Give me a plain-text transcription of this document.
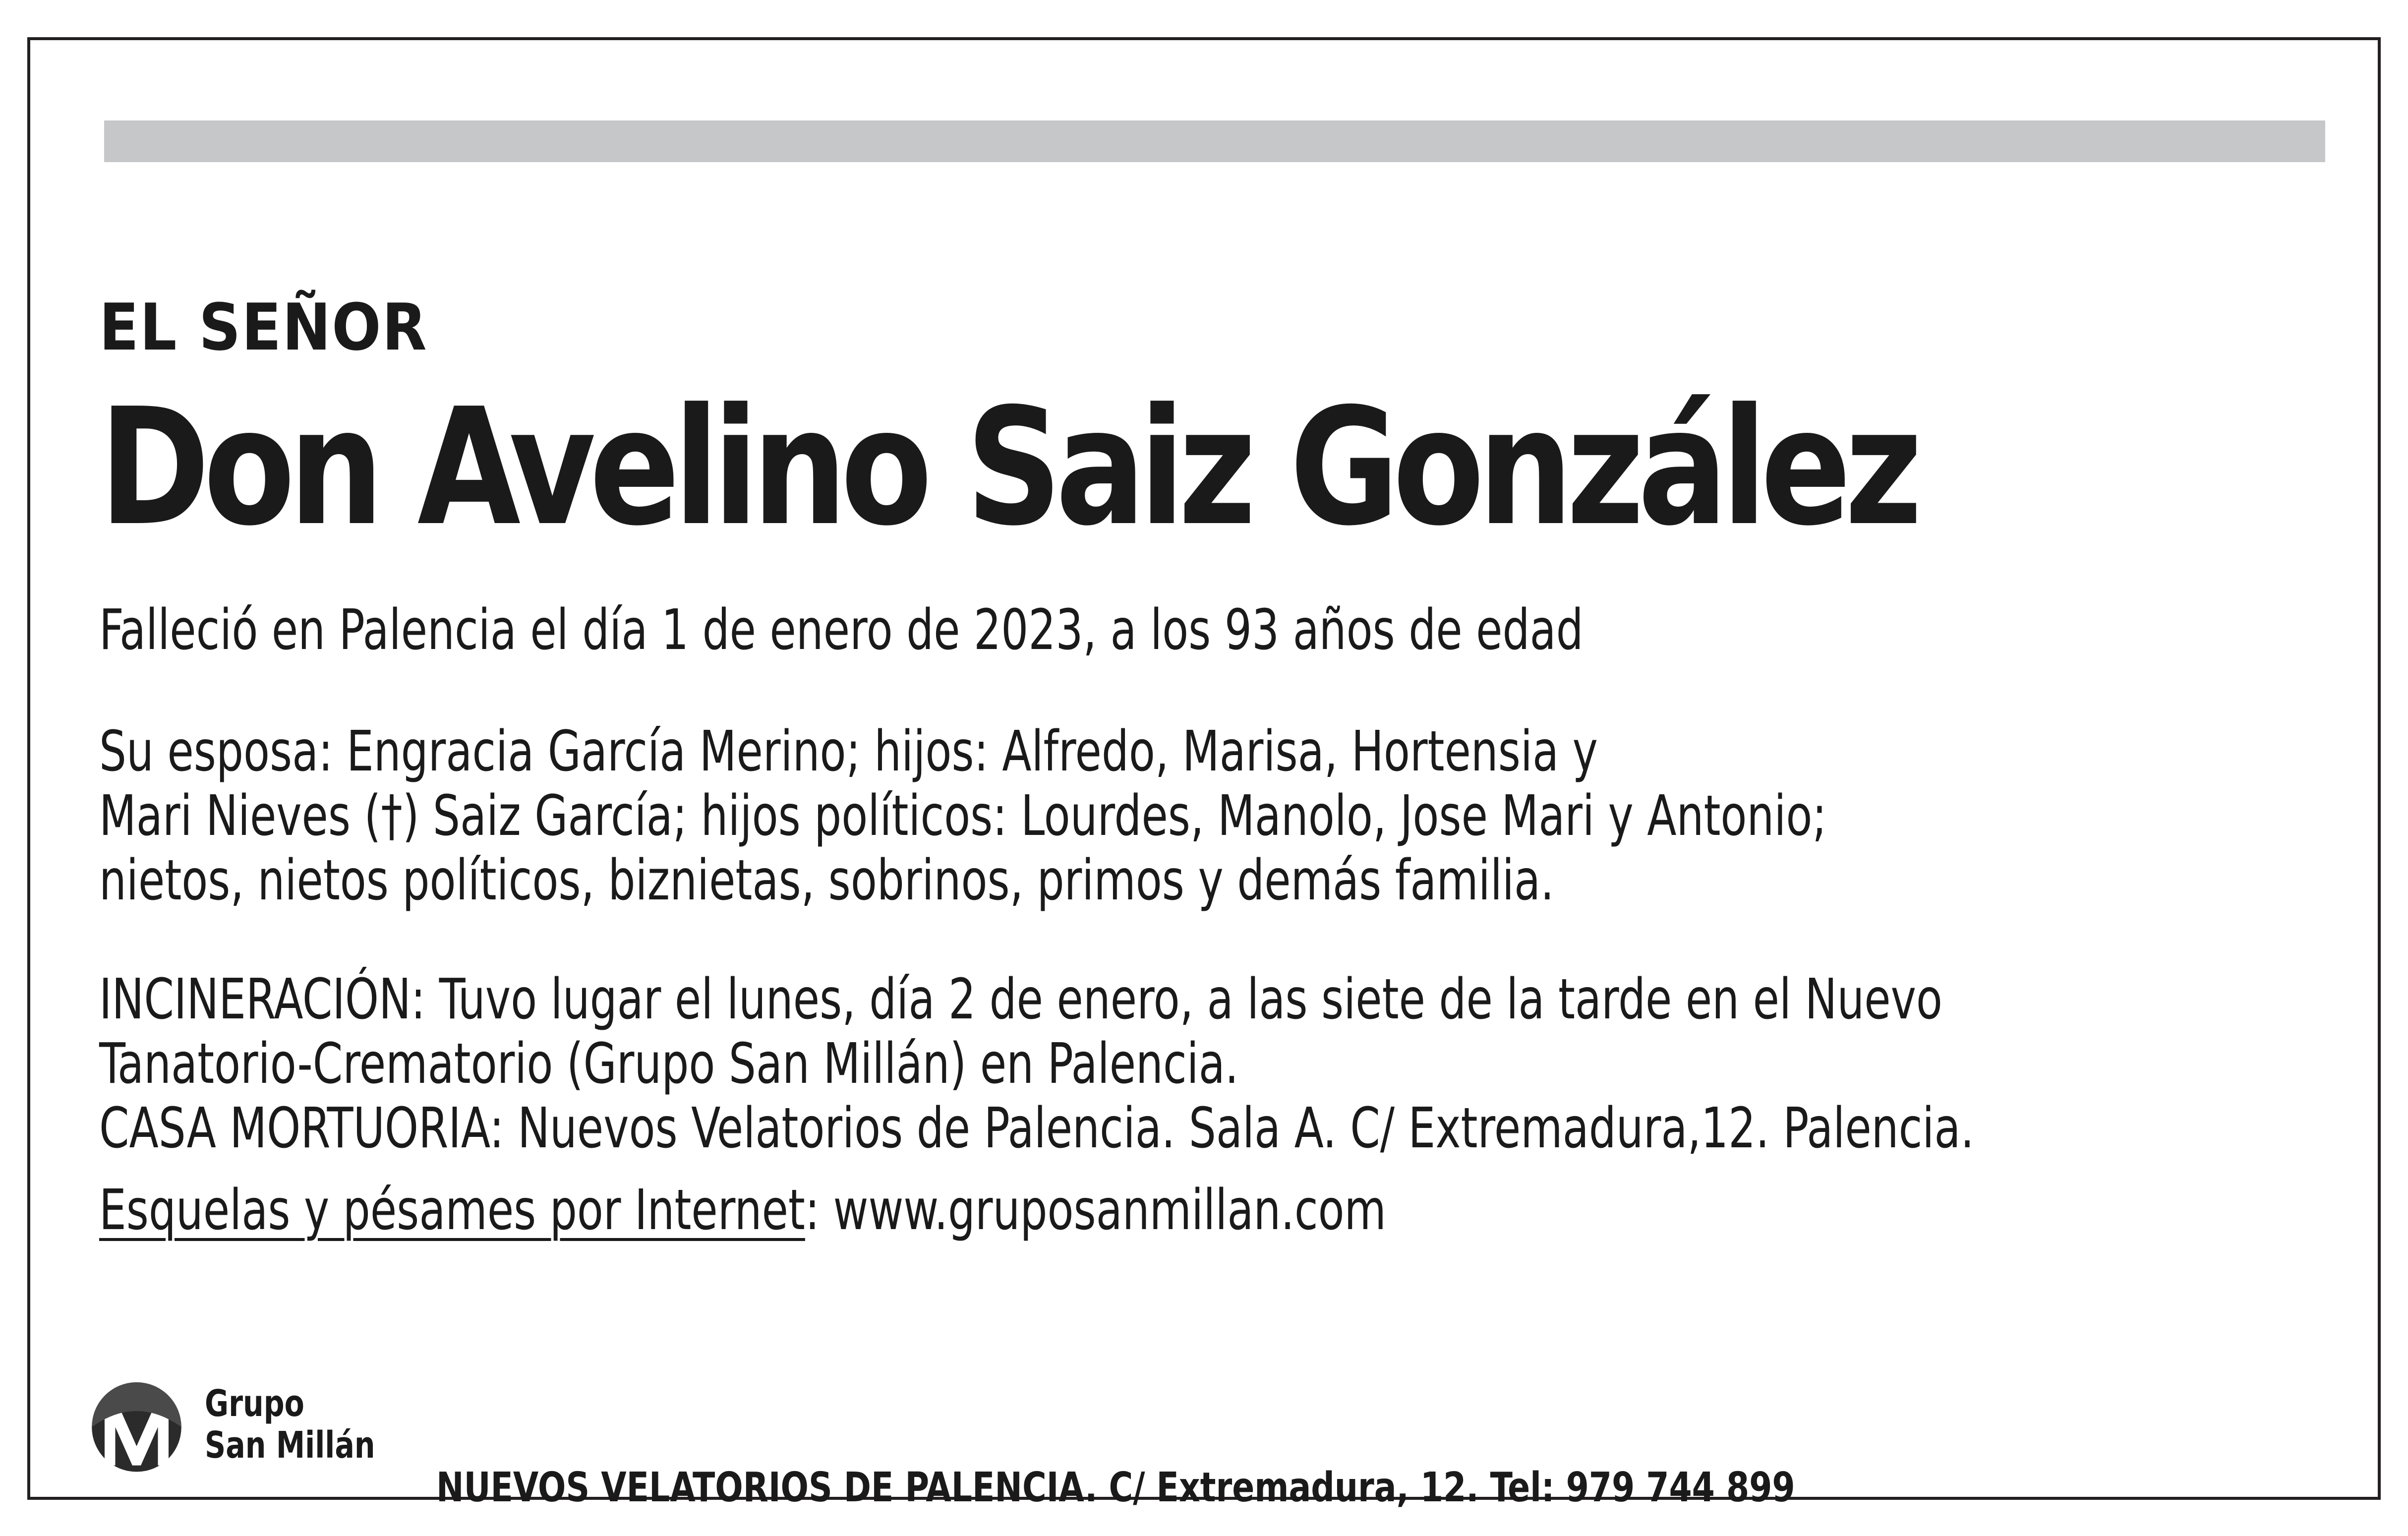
EL SEÑOR

Don Avelino Saiz González

Falleció en Palencia el día 1 de enero de 2023, a los 93 años de edad

Su esposa: Engracia García Merino; hijos: Alfredo, Marisa, Hortensia y

Mari Nieves (†) Saiz García; hijos políticos: Lourdes, Manolo, Jose Mari y Antonio;

nietos, nietos políticos, biznietas, sobrinos, primos y demás familia.

INCINERACIÓN: Tuvo lugar el lunes, día 2 de enero, a las siete de la tarde en el Nuevo

Tanatorio-Crematorio (Grupo San Millán) en Palencia.

CASA MORTUORIA: Nuevos Velatorios de Palencia. Sala A. C/ Extremadura,12. Palencia.

Esquelas y pésames por Internet: www.gruposanmillan.com

Grupo
San Millán

NUEVOS VELATORIOS DE PALENCIA. C/ Extremadura, 12. Tel: 979 744 899
